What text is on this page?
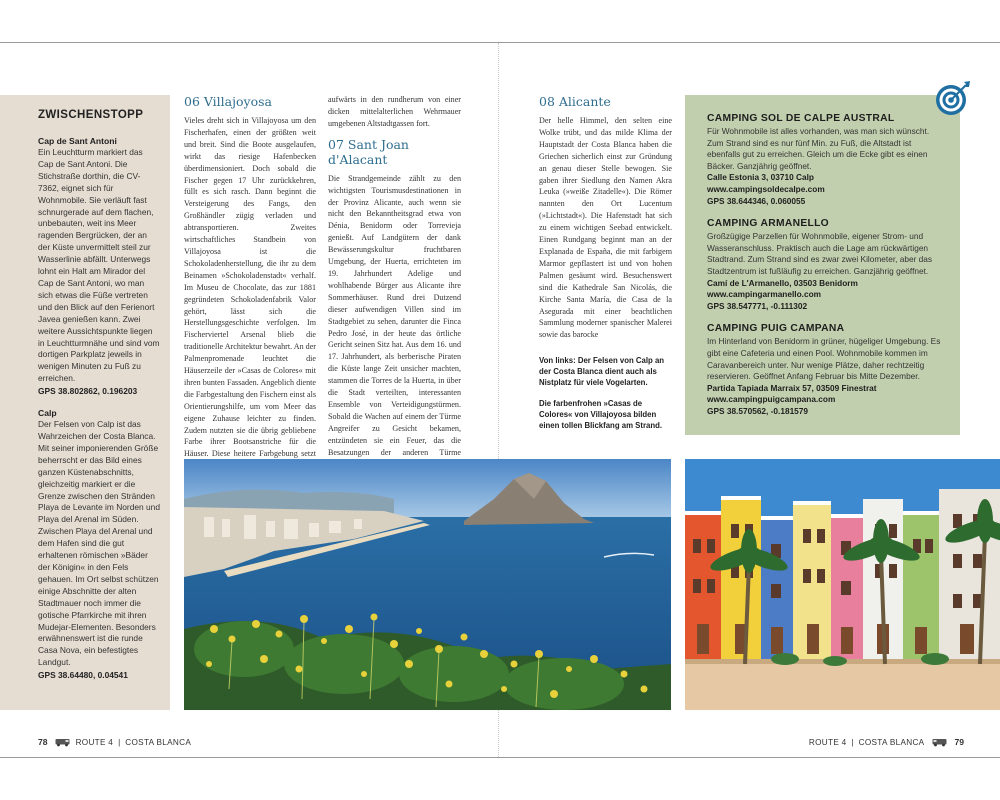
ZWISCHENSTOPP
Cap de Sant Antoni
Ein Leuchtturm markiert das Cap de Sant Antoni. Die Stichstraße dorthin, die CV-7362, eignet sich für Wohnmobile. Sie verläuft fast schnurgerade auf dem flachen, unbebauten, weit ins Meer ragenden Bergrücken, der an der Küste unvermittelt steil zur Wasserlinie abfällt. Unterwegs lohnt ein Halt am Mirador del Cap de Sant Antoni, wo man sich etwas die Füße vertreten und den Blick auf den Ferienort Javea genießen kann. Zwei weitere Aussichtspunkte liegen in Leuchtturmnähe und sind vom dortigen Parkplatz jeweils in wenigen Minuten zu Fuß zu erreichen.
GPS 38.802862, 0.196203
Calp
Der Felsen von Calp ist das Wahrzeichen der Costa Blanca. Mit seiner imponierenden Größe beherrscht er das Bild eines ganzen Küstenabschnitts, gleichzeitig markiert er die Grenze zwischen den Stränden Playa de Levante im Norden und Playa del Arenal im Süden. Zwischen Playa del Arenal und dem Hafen sind die gut erhaltenen römischen »Bäder der Königin« in den Fels gehauen. Im Ort selbst schützen einige Abschnitte der alten Stadtmauer noch immer die gotische Pfarrkirche mit ihren Mudejar-Elementen. Besonders erwähnenswert ist die runde Casa Nova, ein befestigtes Landgut.
GPS 38.64480, 0.04541
06 Villajoyosa

Vieles dreht sich in Villajoyosa um den Fischerhafen, einen der größten weit und breit. Sind die Boote ausgelaufen, wirkt das riesige Hafenbecken überdimensioniert. Doch sobald die Fischer gegen 17 Uhr zurückkehren, füllt es sich rasch. Dann beginnt die Versteigerung des Fangs, den Großhändler zügig verladen und abtransportieren. Zweites wirtschaftliches Standbein von Villajoyosa ist die Schokoladenherstellung, die ihr zu dem Beinamen »Schokoladenstadt« verhalf. Im Museu de Chocolate, das zur 1881 gegründeten Schokoladenfabrik Valor gehört, lässt sich die Herstellungsgeschichte verfolgen. Im Fischerviertel Arsenal blieb die traditionelle Architektur bewahrt. An der Palmenpromenade leuchtet die Häuserzeile der »Casas de Colores« mit ihren bunten Fassaden. Angeblich diente die Farbgestaltung den Fischern einst als Orientierungshilfe, um vom Meer das eigene Zuhause leichter zu finden. Zudem nutzten sie die übrig gebliebene Farbe ihrer Bootsanstriche für die Häuser. Diese heitere Farbgebung setzt

aufwärts in den rundherum von einer dicken mittelalterlichen Wehrmauer umgebenen Altstadtgassen fort.

07 Sant Joan d'Alacant

Die Strandgemeinde zählt zu den wichtigsten Tourismusdestinationen in der Provinz Alicante, auch wenn sie nicht den Bekanntheitsgrad etwa von Dénia, Benidorm oder Torrevieja genießt. Auf Landgütern der dank Bewässerungskultur fruchtbaren Umgebung, der Huerta, errichteten im 19. Jahrhundert Adelige und wohlhabende Bürger aus Alicante ihre Sommerhäuser. Rund drei Dutzend dieser aufwendigen Villen sind im Stadtgebiet zu sehen, darunter die Finca Pedro José, in der heute das örtliche Gericht seinen Sitz hat. Aus dem 16. und 17. Jahrhundert, als berberische Piraten die Küste lange Zeit unsicher machten, stammen die Torres de la Huerta, in über die Stadt verteilten, interessanten Ensemble von Verteidigungstürmen. Sobald die Wachen auf einem der Türme Angreifer zu Gesicht bekamen, entzündeten sie ein Feuer, das die Besatzungen der anderen Türme

08 Alicante

Der helle Himmel, den selten eine Wolke trübt, und das milde Klima der Hauptstadt der Costa Blanca haben die Griechen sicherlich einst zur Gründung an genau dieser Stelle bewogen. Sie gaben ihrer Siedlung den Namen Akra Leuka (»weiße Zitadelle«). Die Römer nannten den Ort Lucentum (»Lichtstadt«). Die Hafenstadt hat sich zu einem wichtigen Seebad entwickelt. Einen Rundgang beginnt man an der Explanada de España, die mit farbigem Marmor gepflastert ist und von hohen Palmen gesäumt wird. Besuchenswert sind die Kathedrale San Nicolás, die Kirche Santa María, die Casa de la Asegurada mit einer beachtlichen Sammlung moderner spanischer Malerei sowie das barocke

Von links: Der Felsen von Calp an der Costa Blanca dient auch als Nistplatz für viele Vogelarten.

Die farbenfrohen »Casas de Colores« von Villajoyosa bilden einen tollen Blickfang am Strand.

CAMPING SOL DE CALPE AUSTRAL
Für Wohnmobile ist alles vorhanden, was man sich wünscht. Zum Strand sind es nur fünf Min. zu Fuß, die Altstadt ist ebenfalls gut zu erreichen. Gleich um die Ecke gibt es einen Bäcker. Ganzjährig geöffnet.
Calle Estonia 3, 03710 Calp
www.campingsoldecalpe.com
GPS 38.644346, 0.060055
CAMPING ARMANELLO
Großzügige Parzellen für Wohnmobile, eigener Strom- und Wasseranschluss. Praktisch auch die Lage am rückwärtigen Stadtrand. Zum Strand sind es zwar zwei Kilometer, aber das Stadtzentrum ist fußläufig zu erreichen. Ganzjährig geöffnet.
Camí de L'Armanello, 03503 Benidorm
www.campingarmanello.com
GPS 38.547771, -0.111302
CAMPING PUIG CAMPANA
Im Hinterland von Benidorm in grüner, hügeliger Umgebung. Es gibt eine Cafeteria und einen Pool. Wohnmobile kommen im Caravanbereich unter. Nur wenige Plätze, daher rechtzeitig reservieren. Geöffnet Anfang Februar bis Mitte Dezember.
Partida Tapiada Marraix 57, 03509 Finestrat
www.campingpuigcampana.com
GPS 38.570562, -0.181579
78	ROUTE 4 | COSTA BLANCA	ROUTE 4 | COSTA BLANCA	79
